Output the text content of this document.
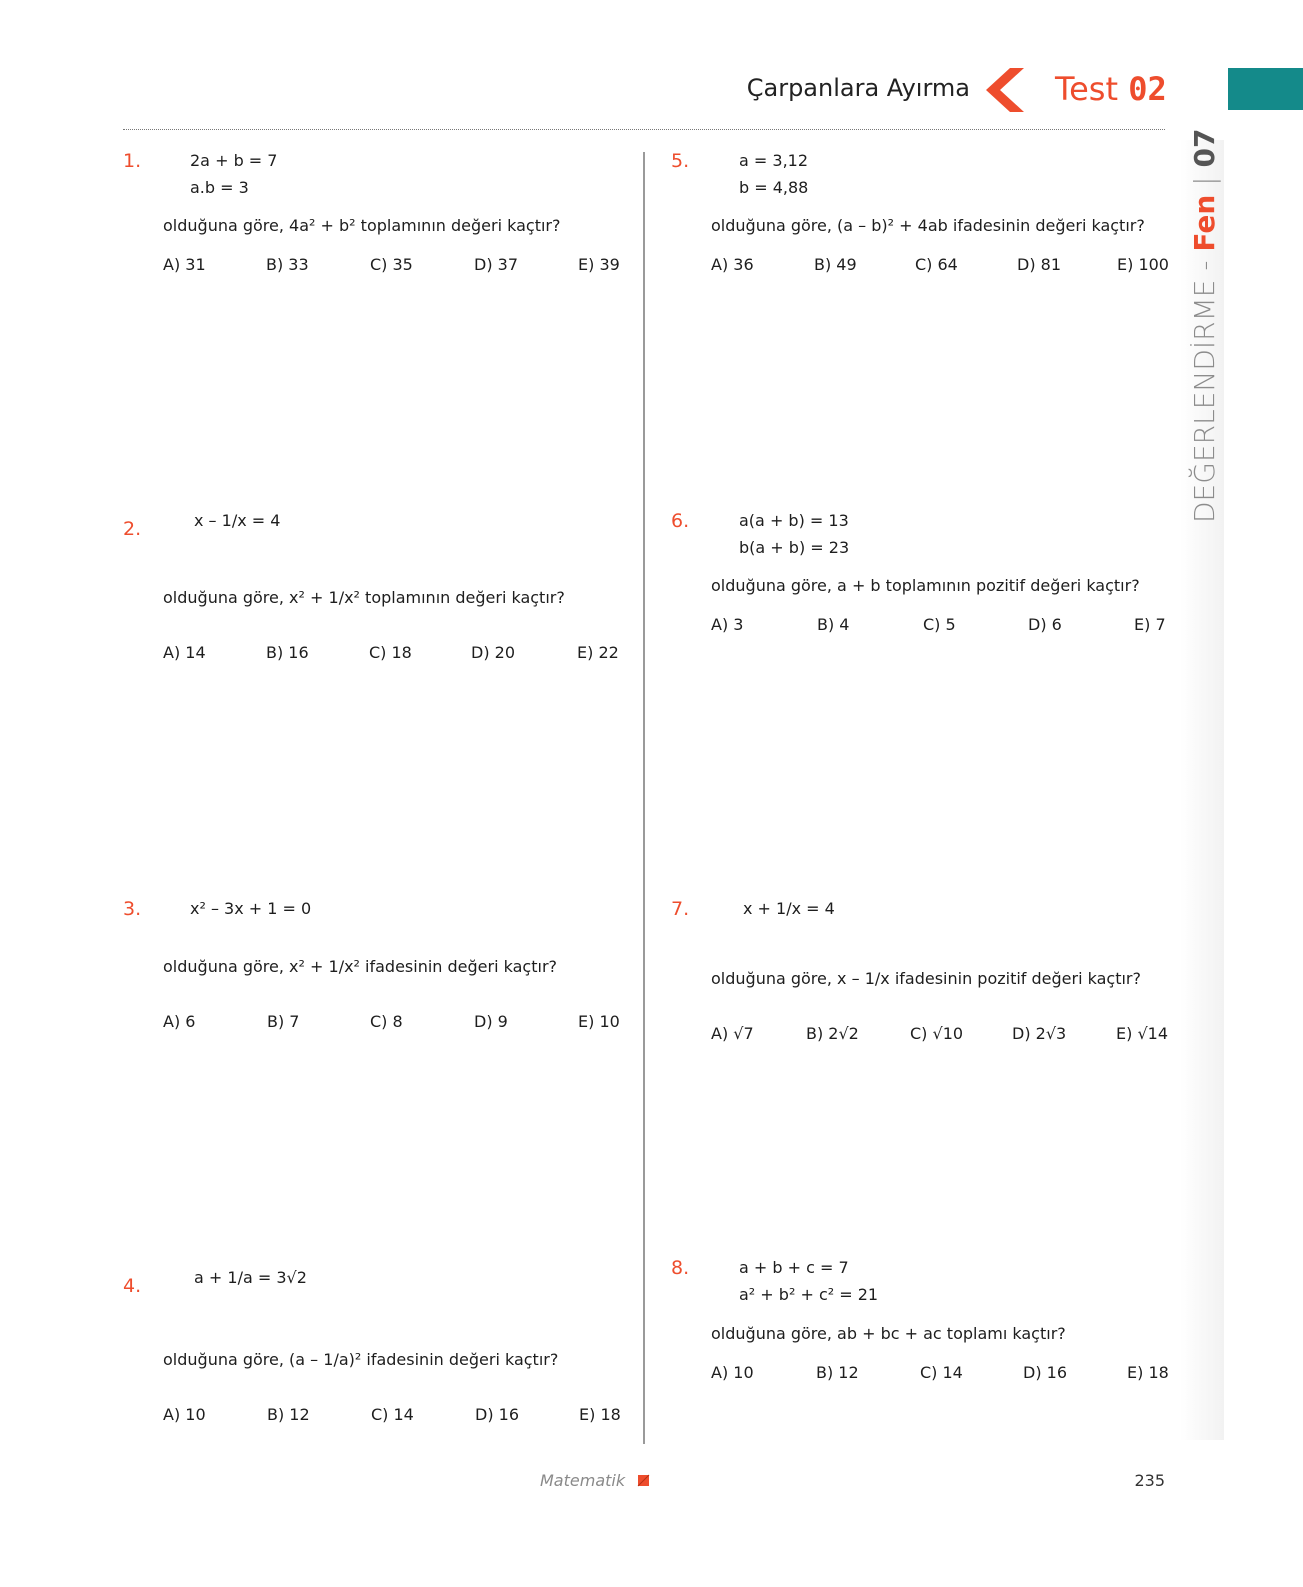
Çarpanlara Ayırma	Test 02
DEĞERLENDİRME - Fen | 07
1.	2a + b = 7
a.b = 3
olduğuna göre, 4a² + b² toplamının değeri kaçtır?
A) 31	B) 33	C) 35	D) 37	E) 39
2.	x – 1/x = 4
olduğuna göre, x² + 1/x² toplamının değeri kaçtır?
A) 14	B) 16	C) 18	D) 20	E) 22
3.	x² – 3x + 1 = 0
olduğuna göre, x² + 1/x² ifadesinin değeri kaçtır?
A) 6	B) 7	C) 8	D) 9	E) 10
4.	a + 1/a = 3√2
olduğuna göre, (a – 1/a)² ifadesinin değeri kaçtır?
A) 10	B) 12	C) 14	D) 16	E) 18
5.	a = 3,12
b = 4,88
olduğuna göre, (a – b)² + 4ab ifadesinin değeri kaçtır?
A) 36	B) 49	C) 64	D) 81	E) 100
6.	a(a + b) = 13
b(a + b) = 23
olduğuna göre, a + b toplamının pozitif değeri kaçtır?
A) 3	B) 4	C) 5	D) 6	E) 7
7.	x + 1/x = 4
olduğuna göre, x – 1/x ifadesinin pozitif değeri kaçtır?
A) √7	B) 2√2	C) √10	D) 2√3	E) √14
8.	a + b + c = 7
a² + b² + c² = 21
olduğuna göre, ab + bc + ac toplamı kaçtır?
A) 10	B) 12	C) 14	D) 16	E) 18
Matematik	235
